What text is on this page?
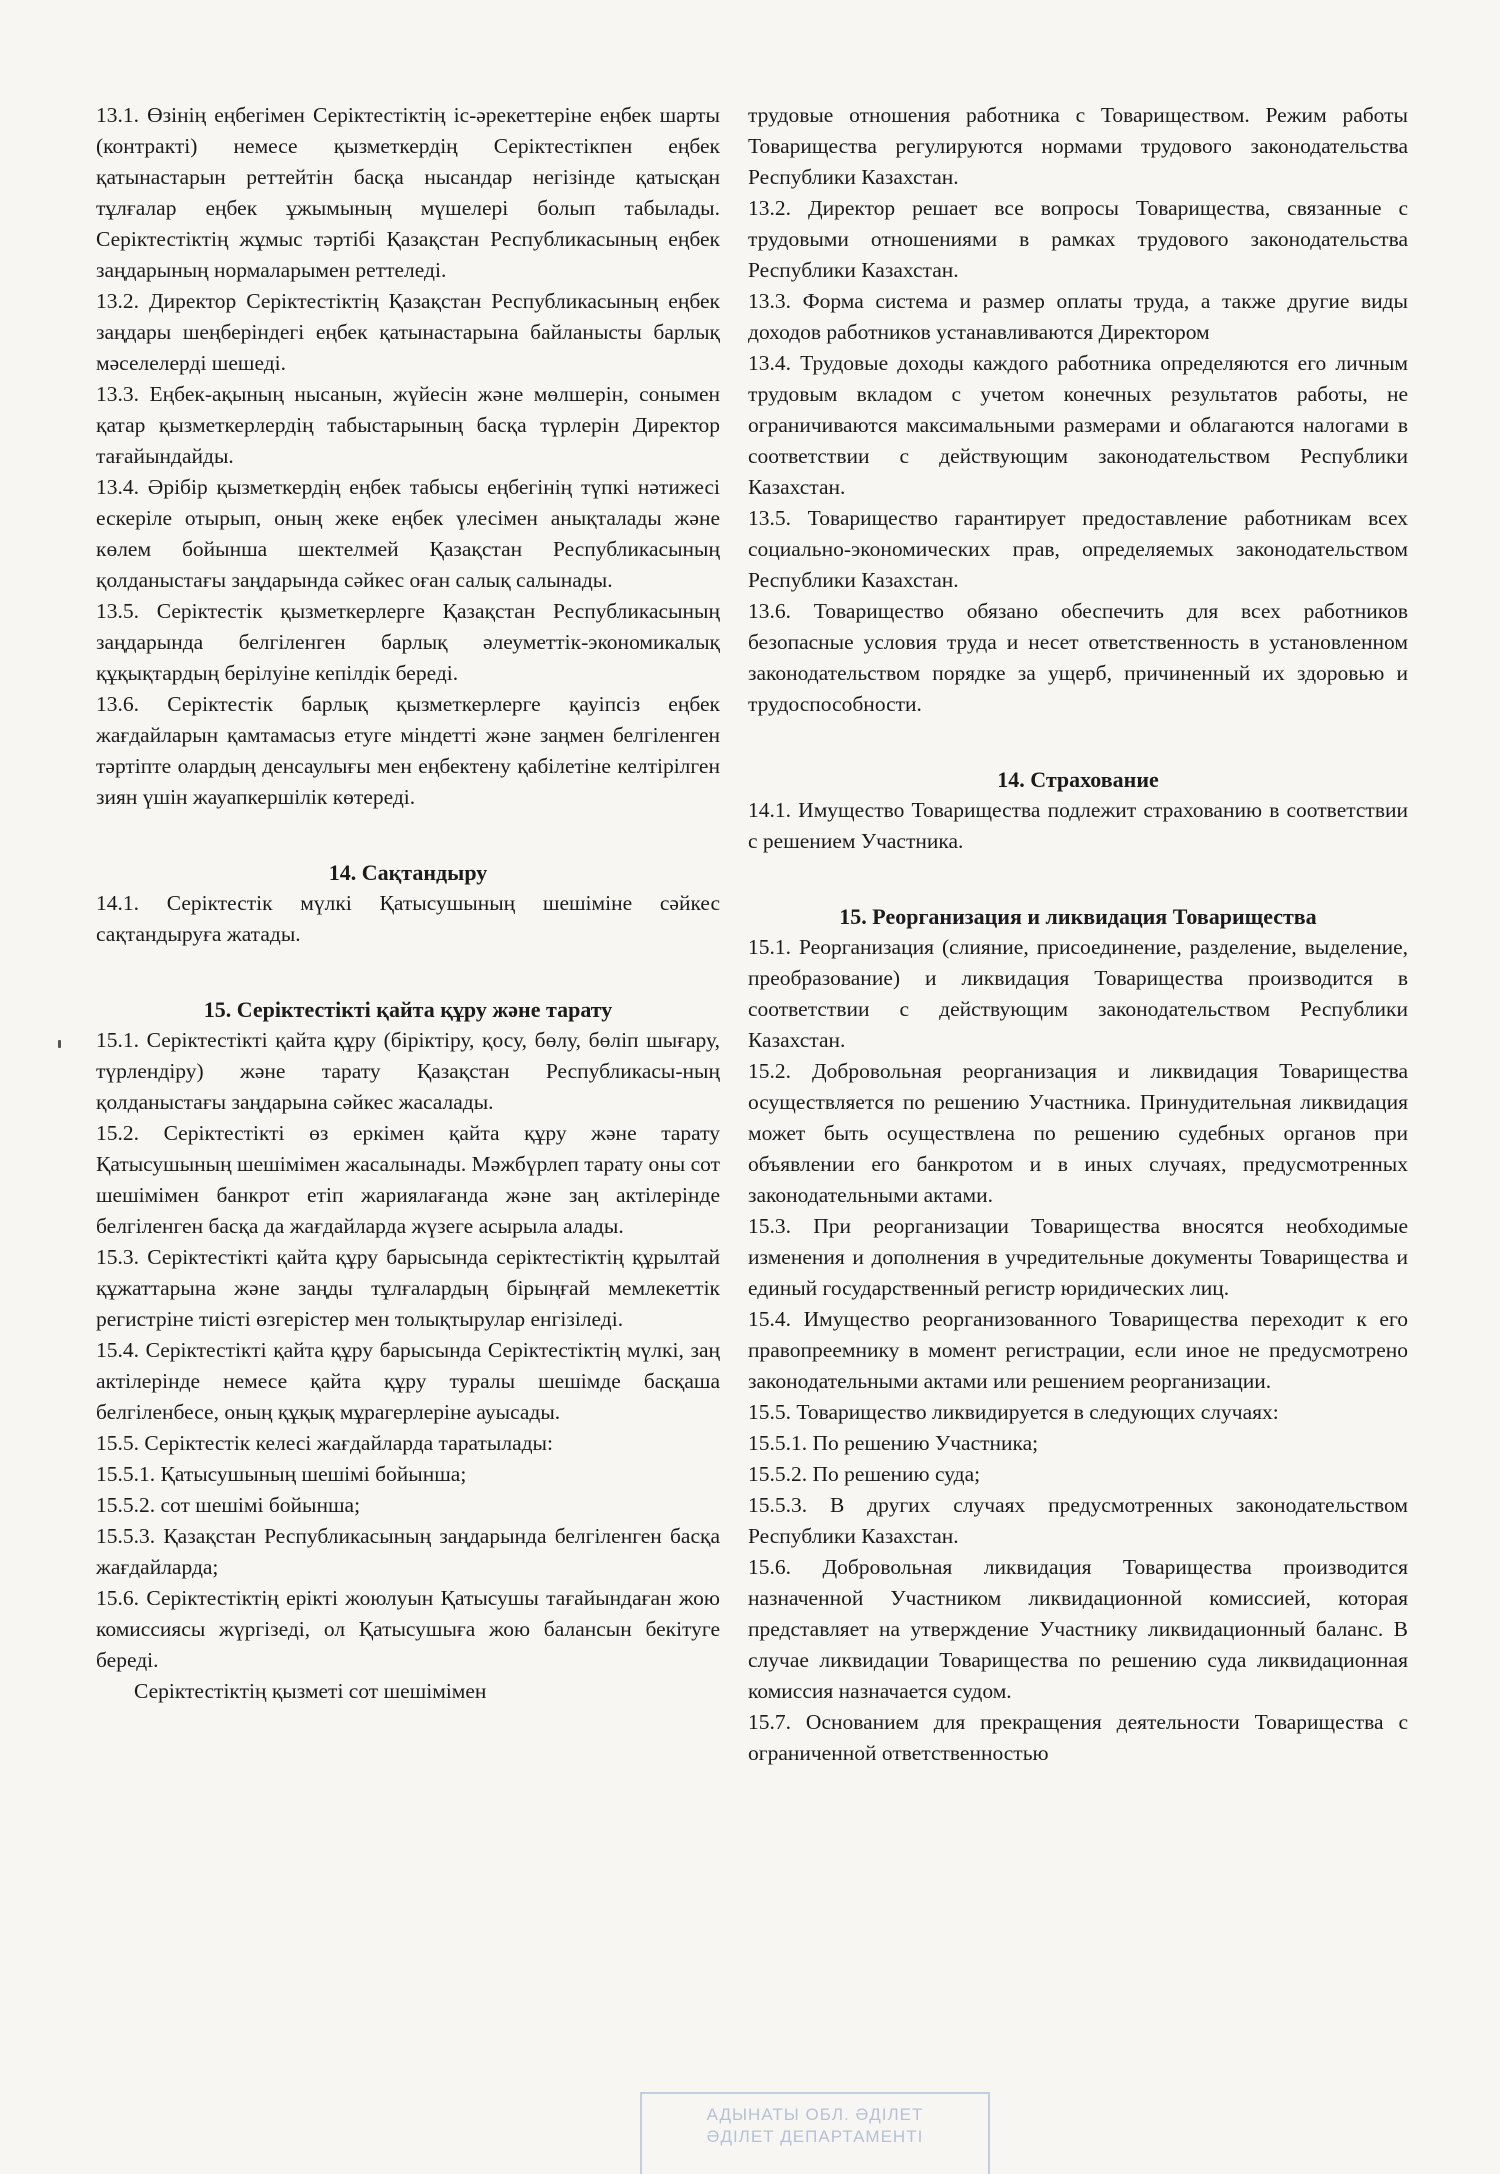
13.1. Өзінің еңбегімен Серіктестіктің іс-әрекеттеріне еңбек шарты (контракті) немесе қызметкердің Серіктестікпен еңбек қатынастарын реттейтін басқа нысандар негізінде қатысқан тұлғалар еңбек ұжымының мүшелері болып табылады. Серіктестіктің жұмыс тәртібі Қазақстан Республикасының еңбек заңдарының нормаларымен реттеледі.

13.2. Директор Серіктестіктің Қазақстан Республикасының еңбек заңдары шеңберіндегі еңбек қатынастарына байланысты барлық мәселелерді шешеді.

13.3. Еңбек-ақының нысанын, жүйесін және мөлшерін, сонымен қатар қызметкерлердің табыстарының басқа түрлерін Директор тағайындайды.

13.4. Әрібір қызметкердің еңбек табысы еңбегінің түпкі нәтижесі ескеріле отырып, оның жеке еңбек үлесімен анықталады және көлем бойынша шектелмей Қазақстан Республикасының қолданыстағы заңдарында сәйкес оған салық салынады.

13.5. Серіктестік қызметкерлерге Қазақстан Республикасының заңдарында белгіленген барлық әлеуметтік-экономикалық құқықтардың берілуіне кепілдік береді.

13.6. Серіктестік барлық қызметкерлерге қауіпсіз еңбек жағдайларын қамтамасыз етуге міндетті және заңмен белгіленген тәртіпте олардың денсаулығы мен еңбектену қабілетіне келтірілген зиян үшін жауапкершілік көтереді.

14. Сақтандыру

14.1. Серіктестік мүлкі Қатысушының шешіміне сәйкес сақтандыруға жатады.

15. Серіктестікті қайта құру және тарату

15.1. Серіктестікті қайта құру (біріктіру, қосу, бөлу, бөліп шығару, түрлендіру) және тарату Қазақстан Республикасы-ның қолданыстағы заңдарына сәйкес жасалады.

15.2. Серіктестікті өз еркімен қайта құру және тарату Қатысушының шешімімен жасалынады. Мәжбүрлеп тарату оны сот шешімімен банкрот етіп жариялағанда және заң актілерінде белгіленген басқа да жағдайларда жүзеге асырыла алады.

15.3. Серіктестікті қайта құру барысында серіктестіктің құрылтай құжаттарына және заңды тұлғалардың бірыңғай мемлекеттік регистріне тиісті өзгерістер мен толықтырулар енгізіледі.

15.4. Серіктестікті қайта құру барысында Серіктестіктің мүлкі, заң актілерінде немесе қайта құру туралы шешімде басқаша белгіленбесе, оның құқық мұрагерлеріне ауысады.

15.5. Серіктестік келесі жағдайларда таратылады:

15.5.1. Қатысушының шешімі бойынша;

15.5.2. сот шешімі бойынша;

15.5.3. Қазақстан Республикасының заңдарында белгіленген басқа жағдайларда;

15.6. Серіктестіктің ерікті жоюлуын Қатысушы тағайындаған жою комиссиясы жүргізеді, ол Қатысушыға жою балансын бекітуге береді.

Серіктестіктің қызметі сот шешімімен

трудовые отношения работника с Товариществом. Режим работы Товарищества регулируются нормами трудового законодательства Республики Казахстан.

13.2. Директор решает все вопросы Товарищества, связанные с трудовыми отношениями в рамках трудового законодательства Республики Казахстан.

13.3. Форма система и размер оплаты труда, а также другие виды доходов работников устанавливаются Директором

13.4. Трудовые доходы каждого работника определяются его личным трудовым вкладом с учетом конечных результатов работы, не ограничиваются максимальными размерами и облагаются налогами в соответствии с действующим законодательством Республики Казахстан.

13.5. Товарищество гарантирует предоставление работникам всех социально-экономических прав, определяемых законодательством Республики Казахстан.

13.6. Товарищество обязано обеспечить для всех работников безопасные условия труда и несет ответственность в установленном законодательством порядке за ущерб, причиненный их здоровью и трудоспособности.

14. Страхование

14.1. Имущество Товарищества подлежит страхованию в соответствии с решением Участника.

15. Реорганизация и ликвидация Товарищества

15.1. Реорганизация (слияние, присоединение, разделение, выделение, преобразование) и ликвидация Товарищества производится в соответствии с действующим законодательством Республики Казахстан.

15.2. Добровольная реорганизация и ликвидация Товарищества осуществляется по решению Участника. Принудительная ликвидация может быть осуществлена по решению судебных органов при объявлении его банкротом и в иных случаях, предусмотренных законодательными актами.

15.3. При реорганизации Товарищества вносятся необходимые изменения и дополнения в учредительные документы Товарищества и единый государственный регистр юридических лиц.

15.4. Имущество реорганизованного Товарищества переходит к его правопреемнику в момент регистрации, если иное не предусмотрено законодательными актами или решением реорганизации.

15.5. Товарищество ликвидируется в следующих случаях:

15.5.1. По решению Участника;

15.5.2. По решению суда;

15.5.3. В других случаях предусмотренных законодательством Республики Казахстан.

15.6. Добровольная ликвидация Товарищества производится назначенной Участником ликвидационной комиссией, которая представляет на утверждение Участнику ликвидационный баланс. В случае ликвидации Товарищества по решению суда ликвидационная комиссия назначается судом.

15.7. Основанием для прекращения деятельности Товарищества с ограниченной ответственностью

АДЫНАТЫ ОБЛ. ӘДІЛЕТ
ӘДІЛЕТ ДЕПАРТАМЕНТІ
